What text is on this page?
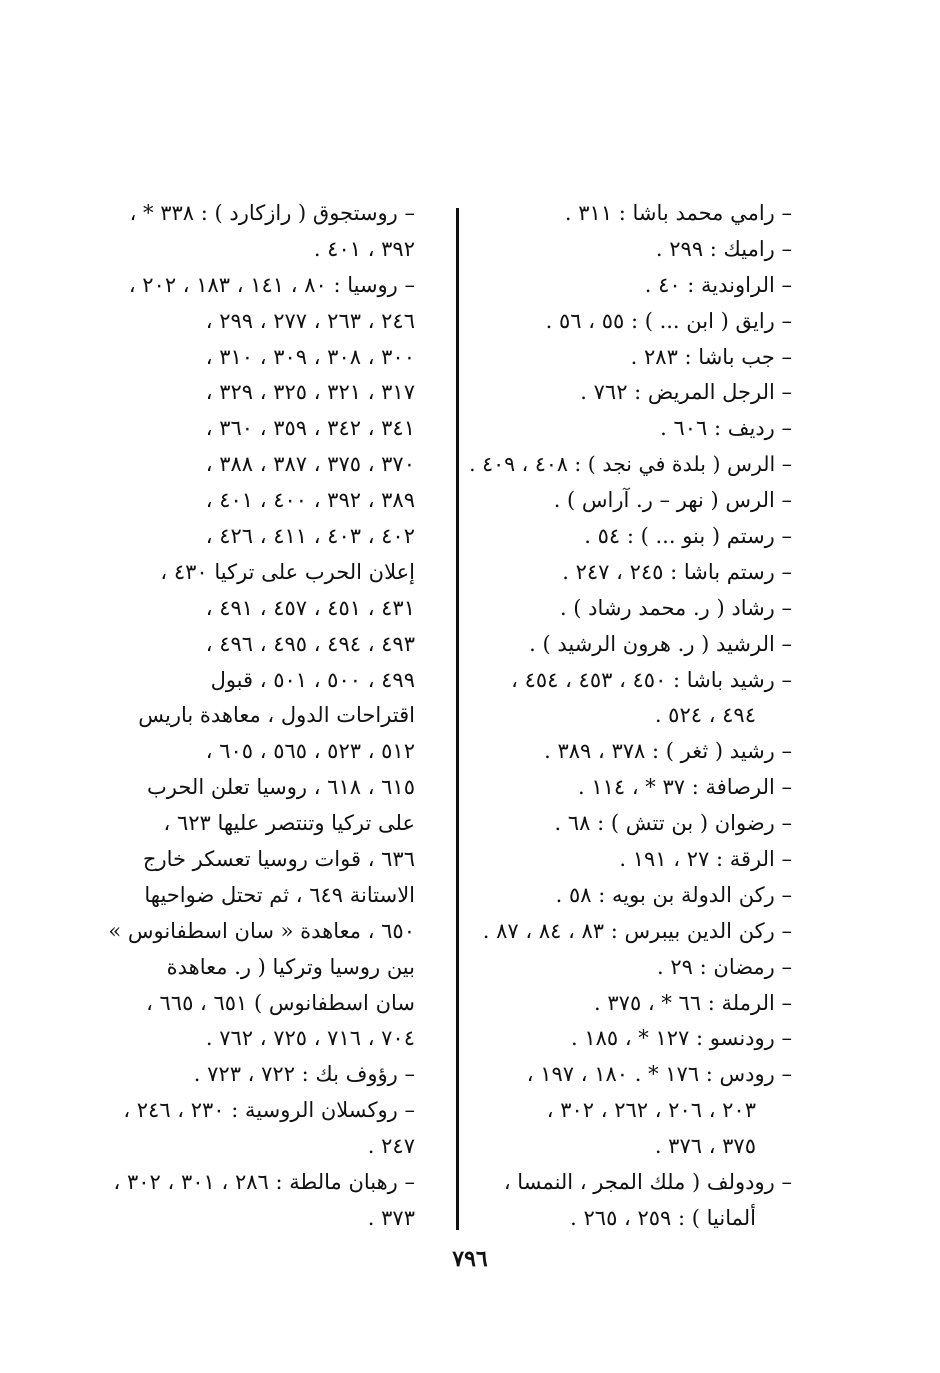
– رامي محمد باشا : ٣١١ .
– راميك : ٢٩٩ .
– الراوندية : ٤٠ .
– رايق ( ابن ... ) : ٥٥ ، ٥٦ .
– جب باشا : ٢٨٣ .
– الرجل المريض : ٧٦٢ .
– رديف : ٦٠٦ .
– الرس ( بلدة في نجد ) : ٤٠٨ ، ٤٠٩ .
– الرس ( نهر – ر. آراس ) .
– رستم ( بنو ... ) : ٥٤ .
– رستم باشا : ٢٤٥ ، ٢٤٧ .
– رشاد ( ر. محمد رشاد ) .
– الرشيد ( ر. هرون الرشيد ) .
– رشيد باشا : ٤٥٠ ، ٤٥٣ ، ٤٥٤ ،
٤٩٤ ، ٥٢٤ .
– رشيد ( ثغر ) : ٣٧٨ ، ٣٨٩ .
– الرصافة : ٣٧ * ، ١١٤ .
– رضوان ( بن تتش ) : ٦٨ .
– الرقة : ٢٧ ، ١٩١ .
– ركن الدولة بن بويه : ٥٨ .
– ركن الدين بيبرس : ٨٣ ، ٨٤ ، ٨٧ .
– رمضان : ٢٩ .
– الرملة : ٦٦ * ، ٣٧٥ .
– رودنسو : ١٢٧ * ، ١٨٥ .
– رودس : ١٧٦ * . ١٨٠ ، ١٩٧ ،
٢٠٣ ، ٢٠٦ ، ٢٦٢ ، ٣٠٢ ،
٣٧٥ ، ٣٧٦ .
– رودولف ( ملك المجر ، النمسا ،
ألمانيا ) : ٢٥٩ ، ٢٦٥ .
– روستجوق ( رازكارد ) : ٣٣٨ * ،
٣٩٢ ، ٤٠١ .
– روسيا : ٨٠ ، ١٤١ ، ١٨٣ ، ٢٠٢ ،
٢٤٦ ، ٢٦٣ ، ٢٧٧ ، ٢٩٩ ،
٣٠٠ ، ٣٠٨ ، ٣٠٩ ، ٣١٠ ،
٣١٧ ، ٣٢١ ، ٣٢٥ ، ٣٢٩ ،
٣٤١ ، ٣٤٢ ، ٣٥٩ ، ٣٦٠ ،
٣٧٠ ، ٣٧٥ ، ٣٨٧ ، ٣٨٨ ،
٣٨٩ ، ٣٩٢ ، ٤٠٠ ، ٤٠١ ،
٤٠٢ ، ٤٠٣ ، ٤١١ ، ٤٢٦ ،
إعلان الحرب على تركيا ٤٣٠ ،
٤٣١ ، ٤٥١ ، ٤٥٧ ، ٤٩١ ،
٤٩٣ ، ٤٩٤ ، ٤٩٥ ، ٤٩٦ ،
٤٩٩ ، ٥٠٠ ، ٥٠١ ، قبول
اقتراحات الدول ، معاهدة باريس
٥١٢ ، ٥٢٣ ، ٥٦٥ ، ٦٠٥ ،
٦١٥ ، ٦١٨ ، روسيا تعلن الحرب
على تركيا وتنتصر عليها ٦٢٣ ،
٦٣٦ ، قوات روسيا تعسكر خارج
الاستانة ٦٤٩ ، ثم تحتل ضواحيها
٦٥٠ ، معاهدة « سان اسطفانوس »
بين روسيا وتركيا ( ر. معاهدة
سان اسطفانوس ) ٦٥١ ، ٦٦٥ ،
٧٠٤ ، ٧١٦ ، ٧٢٥ ، ٧٦٢ .
– رؤوف بك : ٧٢٢ ، ٧٢٣ .
– روكسلان الروسية : ٢٣٠ ، ٢٤٦ ،
٢٤٧ .
– رهبان مالطة : ٢٨٦ ، ٣٠١ ، ٣٠٢ ،
٣٧٣ .
٧٩٦
